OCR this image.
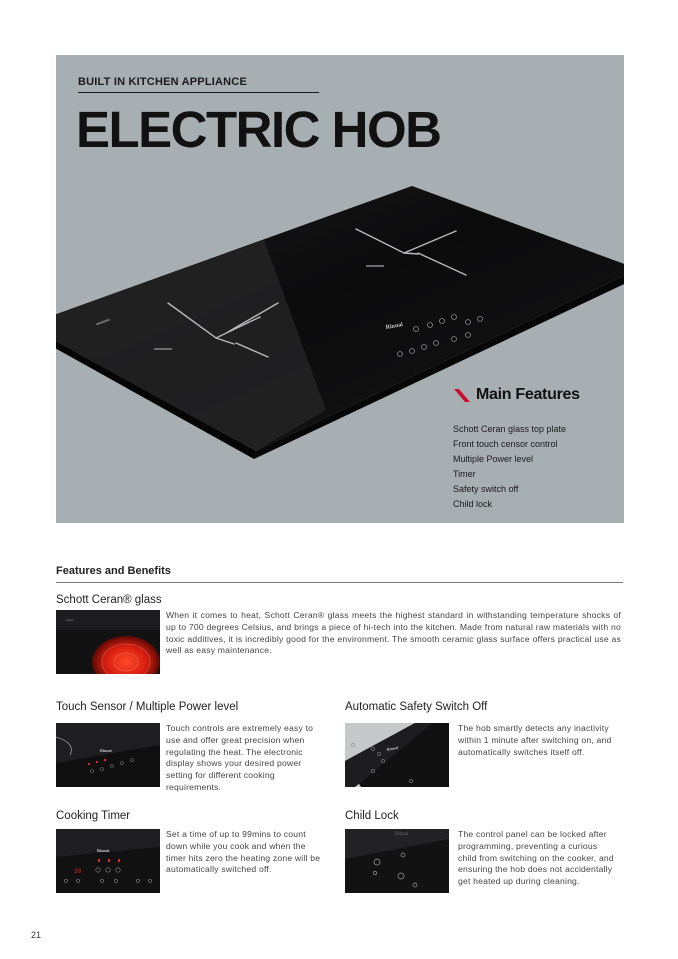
BUILT IN KITCHEN APPLIANCE
ELECTRIC HOB
Rinnai
Main Features
Schott Ceran glass top plate
Front touch censor control
Multiple Power level
Timer
Safety switch off
Child lock
Features and Benefits
Schott Ceran® glass
ceran	When it comes to heat, Schott Ceran® glass meets the highest standard in withstanding temperature shocks of up to 700 degrees Celsius, and brings a piece of hi-tech into the kitchen. Made from natural raw materials with no toxic additives, it is incredibly good for the environment. The smooth ceramic glass surface offers practical use as well as easy maintenance.
Touch Sensor / Multiple Power level
Rinnai
Touch controls are extremely easy to use and offer great precision when regulating the heat. The electronic display shows your desired power setting for different cooking requirements.
Automatic Safety Switch Off
Rinnai
The hob smartly detects any inactivity within 1 minute after switching on, and automatically switches itself off.
Cooking Timer
Rinnai
30
Set a time of up to 99mins to count down while you cook and when the timer hits zero the heating zone will be automatically switched off.
Child Lock
Rinnai	The control panel can be locked after programming, preventing a curious child from switching on the cooker, and ensuring the hob does not accidentally get heated up during cleaning.
21
